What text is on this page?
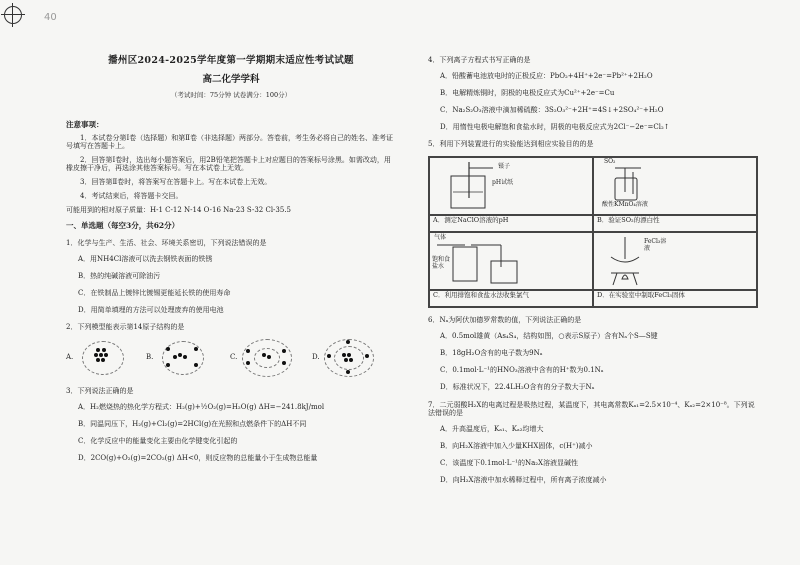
40
播州区2024-2025学年度第一学期期末适应性考试试题
高二化学学科
（考试时间：75分钟 试卷满分：100分）
注意事项：
1．本试卷分第Ⅰ卷（选择题）和第Ⅱ卷（非选择题）两部分。答卷前，考生务必将自己的姓名、准考证号填写在答题卡上。
2．回答第Ⅰ卷时，选出每小题答案后，用2B铅笔把答题卡上对应题目的答案标号涂黑。如需改动，用橡皮擦干净后，再选涂其他答案标号。写在本试卷上无效。
3．回答第Ⅱ卷时，将答案写在答题卡上。写在本试卷上无效。
4．考试结束后，将答题卡交回。
可能用到的相对原子质量：H-1 C-12 N-14 O-16 Na-23 S-32 Cl-35.5
一、单选题（每空3分，共62分）
1．化学与生产、生活、社会、环境关系密切，下列说法错误的是
A．用NH4Cl溶液可以洗去钢铁表面的铁锈
B．热的纯碱溶液可除油污
C．在铁制品上镀锌比镀锡更能延长铁的使用寿命
D．用简单填埋的方法可以处理废弃的使用电池
2．下列模型能表示第14原子结构的是
A.	B.	C.	D.
3．下列说法正确的是
A．H₂燃烧热的热化学方程式：H₂(g)+½O₂(g)=H₂O(g) ΔH=−241.8kJ/mol
B．同温同压下，H₂(g)+Cl₂(g)=2HCl(g)在光照和点燃条件下的ΔH不同
C．化学反应中的能量变化主要由化学键变化引起的
D．2CO(g)+O₂(g)=2CO₂(g) ΔH<0，则反应物的总能量小于生成物总能量
4．下列离子方程式书写正确的是
A．铅酸蓄电池放电时的正极反应：PbO₂+4H⁺+2e⁻=Pb²⁺+2H₂O
B．电解精炼铜时，阴极的电极反应式为Cu²⁺+2e⁻=Cu
C．Na₂S₂O₃溶液中滴加稀硫酸：3S₂O₃²⁻+2H⁺=4S↓+2SO₄²⁻+H₂O
D．用惰性电极电解饱和食盐水时，阴极的电极反应式为2Cl⁻−2e⁻=Cl₂↑
5．利用下列装置进行的实验能达到相应实验目的的是
镊子
pH试纸
SO₂
酸性KMnO₄溶液
A．测定NaClO溶液的pH	B．验证SO₂的漂白性
气体
饱和食盐水
FeCl₃溶液
C．利用排饱和食盐水法收集氯气	D．在实验室中制取FeCl₃固体
6．Nₐ为阿伏加德罗常数的值，下列说法正确的是
A．0.5mol雄黄（As₄S₄，结构如图，○表示S原子）含有Nₐ个S—S键
B．18gH₂O含有的电子数为9Nₐ
C．0.1mol·L⁻¹的HNO₃溶液中含有的H⁺数为0.1Nₐ
D．标准状况下，22.4LH₂O含有的分子数大于Nₐ
7．二元弱酸H₂X的电离过程是吸热过程，某温度下，其电离常数Kₐ₁=2.5×10⁻⁴、Kₐ₂=2×10⁻⁸。下列说法错误的是
A．升高温度后，Kₐ₁、Kₐ₂均增大
B．向H₂X溶液中加入少量KHX固体，c(H⁺)减小
C．该温度下0.1mol·L⁻¹的Na₂X溶液显碱性
D．向H₂X溶液中加水稀释过程中，所有离子浓度减小
